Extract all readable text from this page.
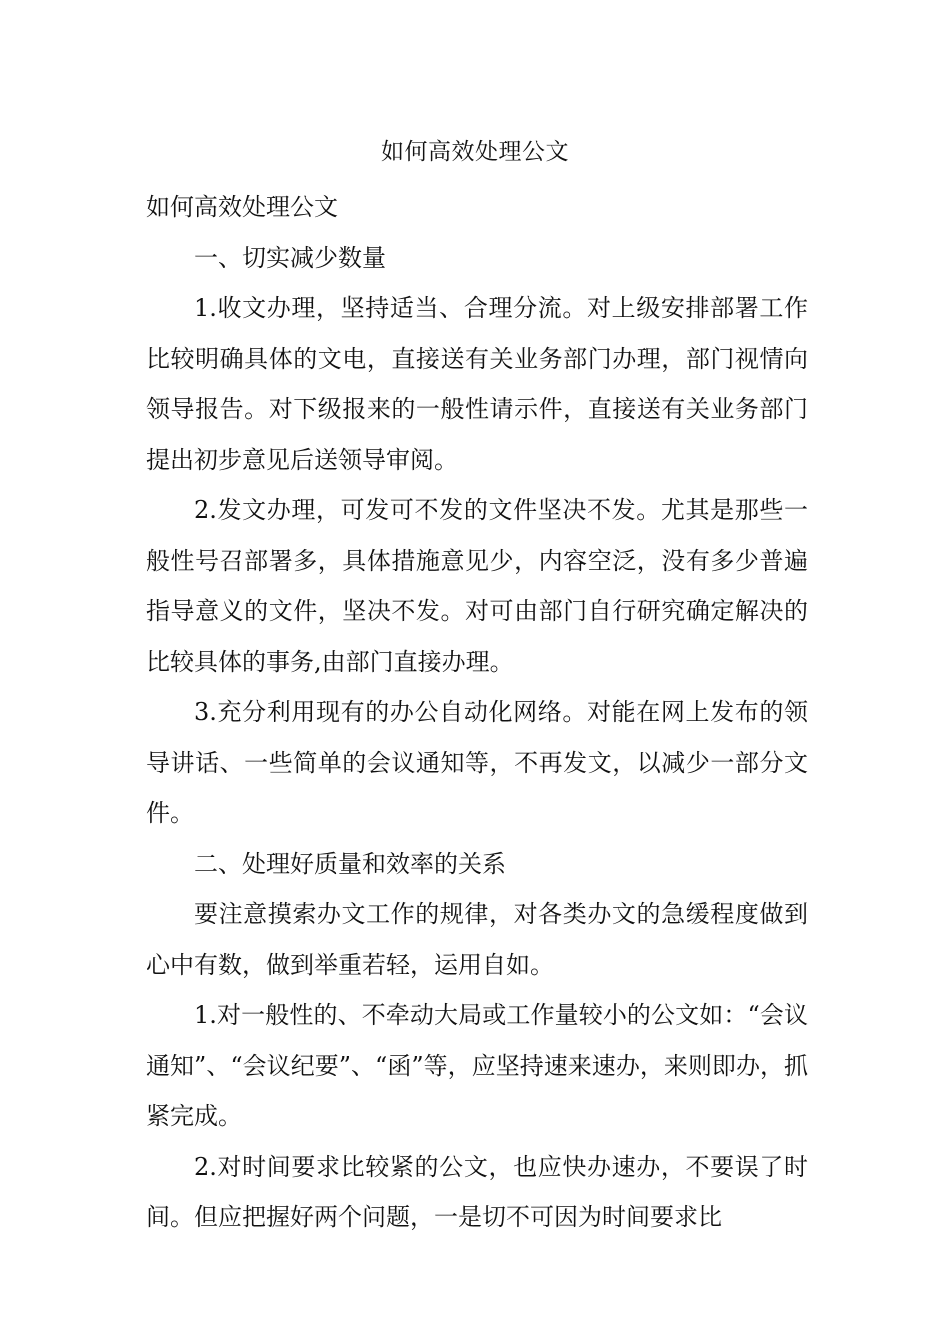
如何高效处理公文

如何高效处理公文

一、切实减少数量

1.收文办理，坚持适当、合理分流。对上级安排部署工作比较明确具体的文电，直接送有关业务部门办理，部门视情向领导报告。对下级报来的一般性请示件，直接送有关业务部门提出初步意见后送领导审阅。

2.发文办理，可发可不发的文件坚决不发。尤其是那些一般性号召部署多，具体措施意见少，内容空泛，没有多少普遍指导意义的文件，坚决不发。对可由部门自行研究确定解决的比较具体的事务,由部门直接办理。

3.充分利用现有的办公自动化网络。对能在网上发布的领导讲话、一些简单的会议通知等，不再发文，以减少一部分文件。

二、处理好质量和效率的关系

要注意摸索办文工作的规律，对各类办文的急缓程度做到心中有数，做到举重若轻，运用自如。

1.对一般性的、不牵动大局或工作量较小的公文如：“会议通知”、“会议纪要”、“函”等，应坚持速来速办，来则即办，抓紧完成。

2.对时间要求比较紧的公文，也应快办速办，不要误了时间。但应把握好两个问题，一是切不可因为时间要求比
